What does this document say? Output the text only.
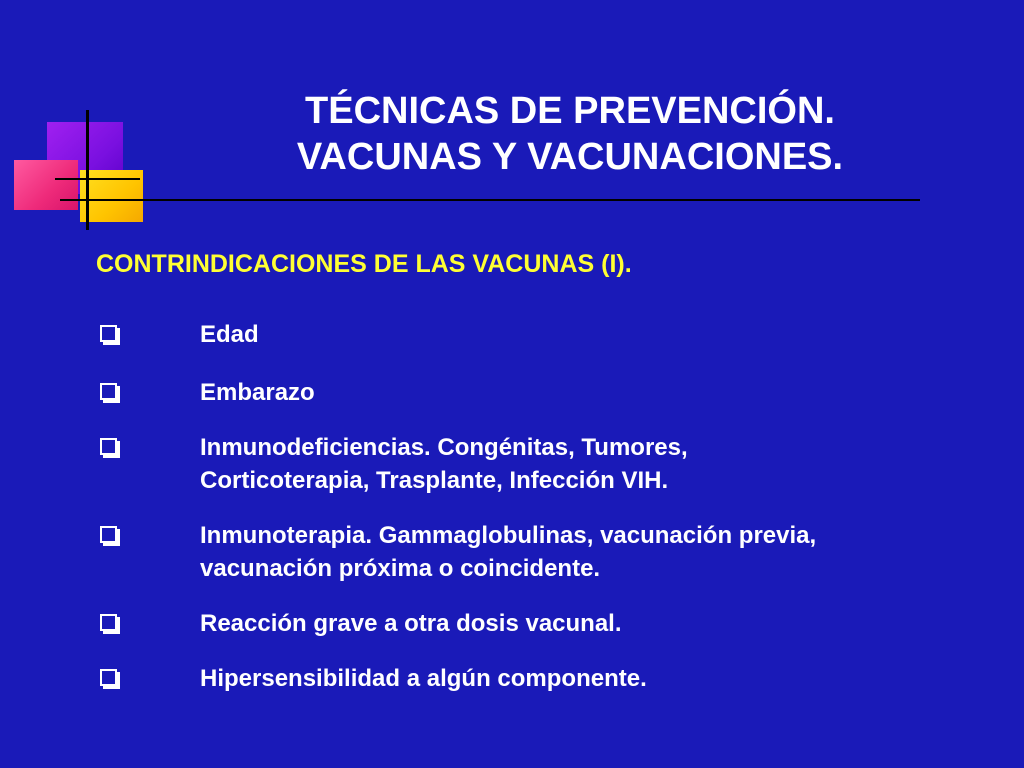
TÉCNICAS DE PREVENCIÓN.
VACUNAS Y VACUNACIONES.
CONTRINDICACIONES DE LAS VACUNAS (I).
Edad
Embarazo
Inmunodeficiencias. Congénitas, Tumores, Corticoterapia, Trasplante, Infección VIH.
Inmunoterapia. Gammaglobulinas, vacunación previa, vacunación próxima o coincidente.
Reacción grave a otra dosis vacunal.
Hipersensibilidad a algún componente.
